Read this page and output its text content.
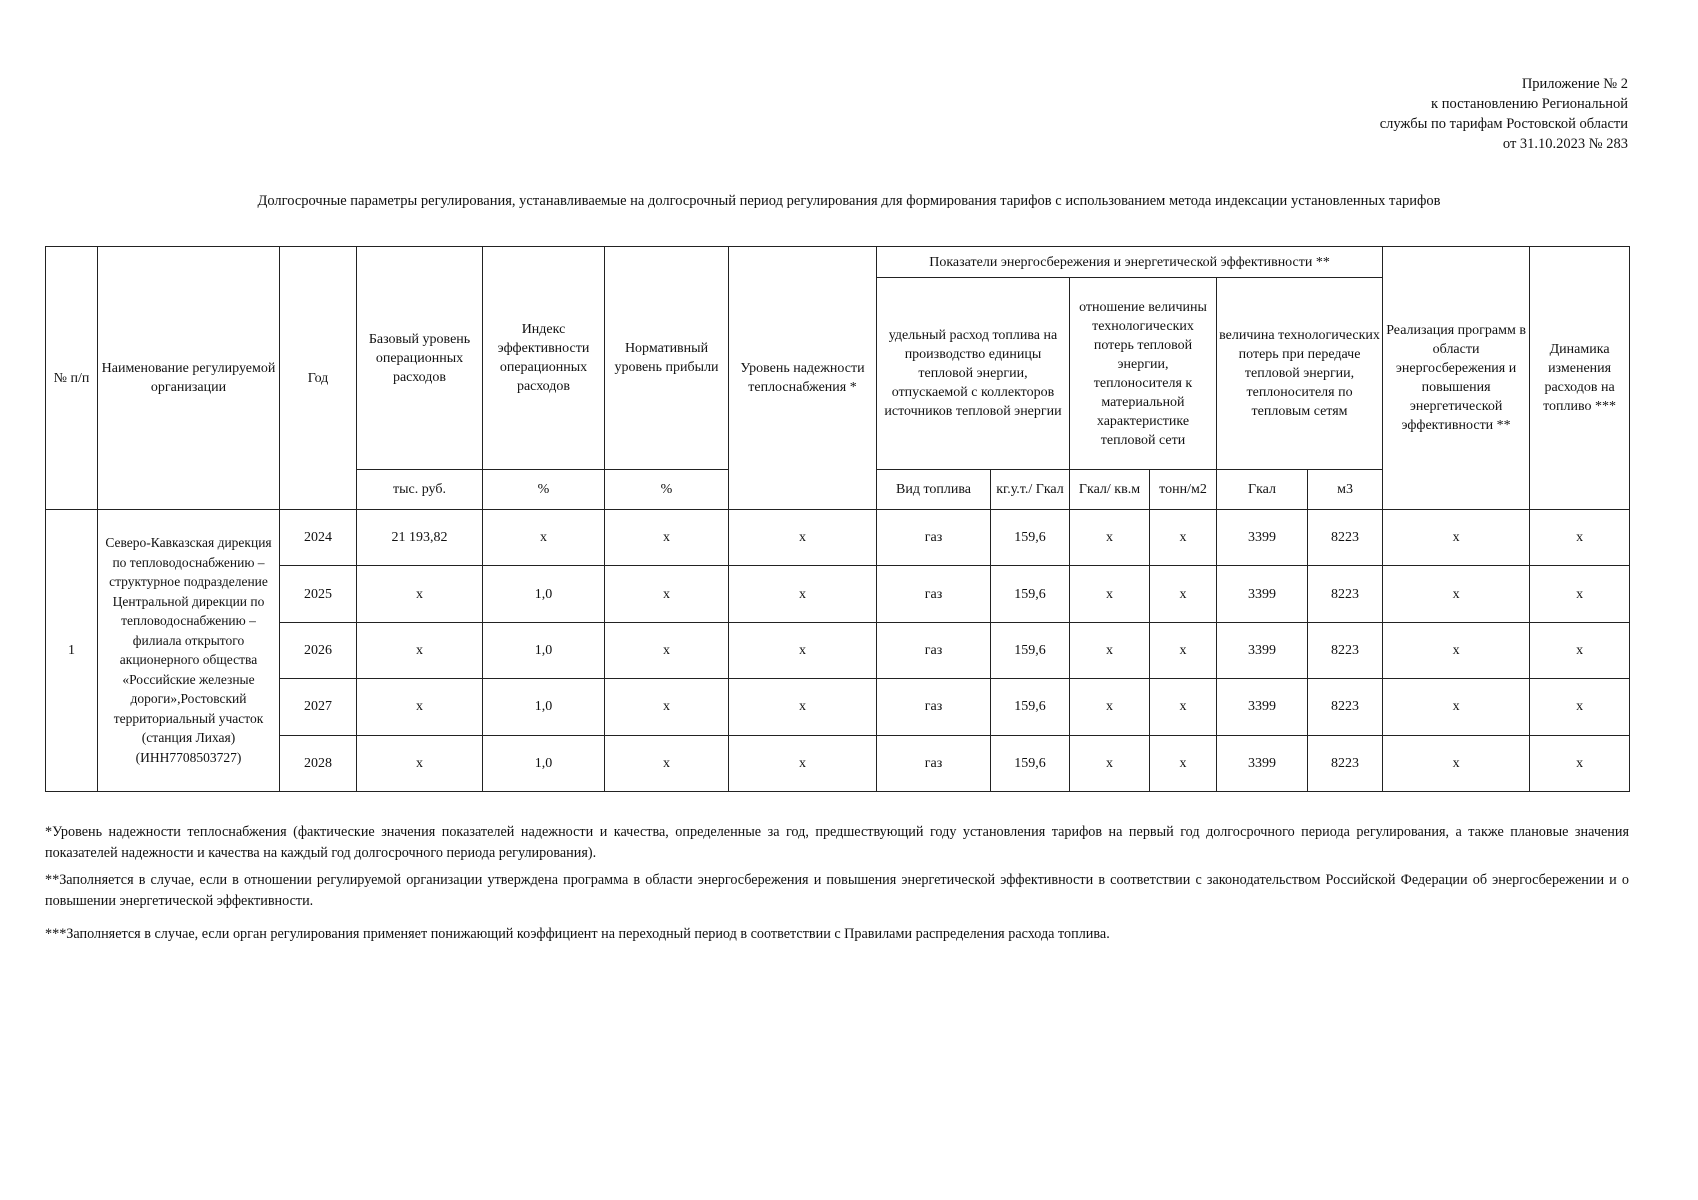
Приложение № 2
к постановлению Региональной
службы по тарифам Ростовской области
от 31.10.2023 № 283
Долгосрочные параметры регулирования, устанавливаемые на долгосрочный период регулирования для формирования тарифов с использованием метода индексации установленных тарифов
№ п/п	Наименование регулируемой организации	Год	Базовый уровень операционных расходов	Индекс эффективности операционных расходов	Нормативный уровень прибыли	Уровень надежности теплоснабжения *	Показатели энергосбережения и энергетической эффективности **						Реализация программ в области энергосбережения и повышения энергетической эффективности **	Динамика изменения расходов на топливо ***
							удельный расход топлива на производство единицы тепловой энергии, отпускаемой с коллекторов источников тепловой энергии		отношение величины технологических потерь тепловой энергии, теплоносителя к материальной характеристике тепловой сети		величина технологических потерь при передаче тепловой энергии, теплоносителя по тепловым сетям			
			тыс. руб.	%	%		Вид топлива	кг.у.т./ Гкал	Гкал/ кв.м	тонн/м2	Гкал	м3		
1	Северо-Кавказская дирекция по тепловодоснабжению – структурное подразделение Центральной дирекции по тепловодоснабжению – филиала открытого акционерного общества «Российские железные дороги»,Ростовский территориальный участок (станция Лихая) (ИНН7708503727)	2024	21 193,82	x	x	x	газ	159,6	x	x	3399	8223	x	x
		2025	x	1,0	x	x	газ	159,6	x	x	3399	8223	x	x
		2026	x	1,0	x	x	газ	159,6	x	x	3399	8223	x	x
		2027	x	1,0	x	x	газ	159,6	x	x	3399	8223	x	x
		2028	x	1,0	x	x	газ	159,6	x	x	3399	8223	x	x

*Уровень надежности теплоснабжения (фактические значения показателей надежности и качества, определенные за год, предшествующий году установления тарифов на первый год долгосрочного периода регулирования, а также плановые значения показателей надежности и качества на каждый год долгосрочного периода регулирования).

**Заполняется в случае, если в отношении регулируемой организации утверждена программа в области энергосбережения и повышения энергетической эффективности в соответствии с законодательством Российской Федерации об энергосбережении и о повышении энергетической эффективности.

***Заполняется в случае, если орган регулирования применяет понижающий коэффициент на переходный период в соответствии с Правилами распределения расхода топлива.
